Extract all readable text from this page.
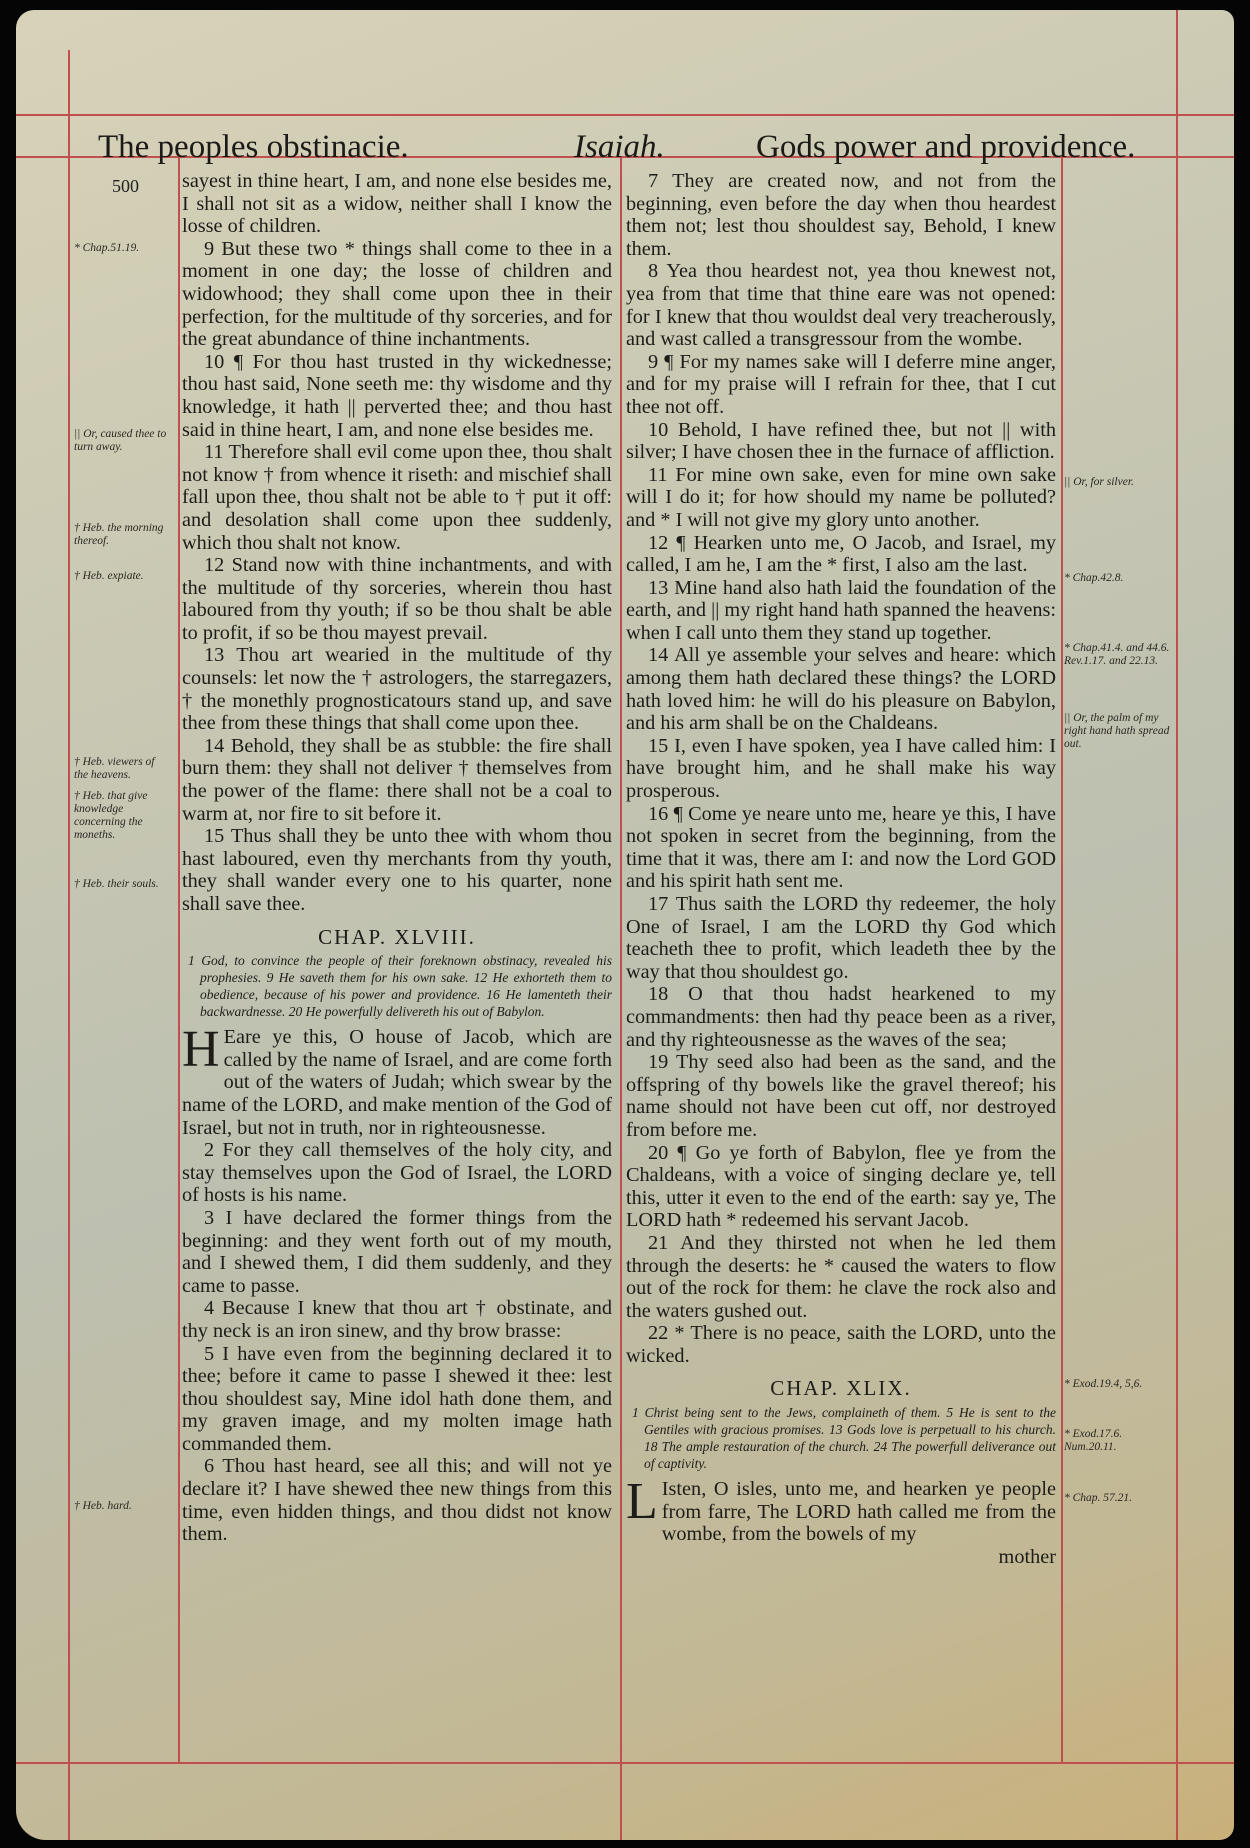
The peoples obstinacie.	Isaiah.	Gods power and providence.
500 sayest in thine heart, I am, and none else besides me, I shall not sit as a widow, neither shall I know the losse of children.

9 But these two * things shall come to thee in a moment in one day; the losse of children and widowhood; they shall come upon thee in their perfection, for the multitude of thy sorceries, and for the great abundance of thine inchantments.

10 ¶ For thou hast trusted in thy wickednesse; thou hast said, None seeth me: thy wisdome and thy knowledge, it hath || perverted thee; and thou hast said in thine heart, I am, and none else besides me.

11 Therefore shall evil come upon thee, thou shalt not know † from whence it riseth: and mischief shall fall upon thee, thou shalt not be able to † put it off: and desolation shall come upon thee suddenly, which thou shalt not know.

12 Stand now with thine inchantments, and with the multitude of thy sorceries, wherein thou hast laboured from thy youth; if so be thou shalt be able to profit, if so be thou mayest prevail.

13 Thou art wearied in the multitude of thy counsels: let now the † astrologers, the starregazers, † the monethly prognosticatours stand up, and save thee from these things that shall come upon thee.

14 Behold, they shall be as stubble: the fire shall burn them: they shall not deliver † themselves from the power of the flame: there shall not be a coal to warm at, nor fire to sit before it.

15 Thus shall they be unto thee with whom thou hast laboured, even thy merchants from thy youth, they shall wander every one to his quarter, none shall save thee.

CHAP. XLVIII.
1 God, to convince the people of their foreknown obstinacy, revealed his prophesies. 9 He saveth them for his own sake. 12 He exhorteth them to obedience, because of his power and providence. 16 He lamenteth their backwardnesse. 20 He powerfully delivereth his out of Babylon.

H Eare ye this, O house of Jacob, which are called by the name of Israel, and are come forth out of the waters of Judah; which swear by the name of the LORD, and make mention of the God of Israel, but not in truth, nor in righteousnesse.

2 For they call themselves of the holy city, and stay themselves upon the God of Israel, the LORD of hosts is his name.

3 I have declared the former things from the beginning: and they went forth out of my mouth, and I shewed them, I did them suddenly, and they came to passe.

4 Because I knew that thou art † obstinate, and thy neck is an iron sinew, and thy brow brasse:

5 I have even from the beginning declared it to thee; before it came to passe I shewed it thee: lest thou shouldest say, Mine idol hath done them, and my graven image, and my molten image hath commanded them.

6 Thou hast heard, see all this; and will not ye declare it? I have shewed thee new things from this time, even hidden things, and thou didst not know them.

7 They are created now, and not from the beginning, even before the day when thou heardest them not; lest thou shouldest say, Behold, I knew them.

8 Yea thou heardest not, yea thou knewest not, yea from that time that thine eare was not opened: for I knew that thou wouldst deal very treacherously, and wast called a transgressour from the wombe.

9 ¶ For my names sake will I deferre mine anger, and for my praise will I refrain for thee, that I cut thee not off.

10 Behold, I have refined thee, but not || with silver; I have chosen thee in the furnace of affliction.

11 For mine own sake, even for mine own sake will I do it; for how should my name be polluted? and * I will not give my glory unto another.

12 ¶ Hearken unto me, O Jacob, and Israel, my called, I am he, I am the * first, I also am the last.

13 Mine hand also hath laid the foundation of the earth, and || my right hand hath spanned the heavens: when I call unto them they stand up together.

14 All ye assemble your selves and heare: which among them hath declared these things? the LORD hath loved him: he will do his pleasure on Babylon, and his arm shall be on the Chaldeans.

15 I, even I have spoken, yea I have called him: I have brought him, and he shall make his way prosperous.

16 ¶ Come ye neare unto me, heare ye this, I have not spoken in secret from the beginning, from the time that it was, there am I: and now the Lord GOD and his spirit hath sent me.

17 Thus saith the LORD thy redeemer, the holy One of Israel, I am the LORD thy God which teacheth thee to profit, which leadeth thee by the way that thou shouldest go.

18 O that thou hadst hearkened to my commandments: then had thy peace been as a river, and thy righteousnesse as the waves of the sea;

19 Thy seed also had been as the sand, and the offspring of thy bowels like the gravel thereof; his name should not have been cut off, nor destroyed from before me.

20 ¶ Go ye forth of Babylon, flee ye from the Chaldeans, with a voice of singing declare ye, tell this, utter it even to the end of the earth: say ye, The LORD hath * redeemed his servant Jacob.

21 And they thirsted not when he led them through the deserts: he * caused the waters to flow out of the rock for them: he clave the rock also and the waters gushed out.

22 * There is no peace, saith the LORD, unto the wicked.

CHAP. XLIX.
1 Christ being sent to the Jews, complaineth of them. 5 He is sent to the Gentiles with gracious promises. 13 Gods love is perpetuall to his church. 18 The ample restauration of the church. 24 The powerfull deliverance out of captivity.

L Isten, O isles, unto me, and hearken ye people from farre, The LORD hath called me from the wombe, from the bowels of my

mother

* Chap.51.19.
|| Or, caused thee to turn away.
† Heb. the morning thereof.
† Heb. expiate.
† Heb. viewers of the heavens.
† Heb. that give knowledge concerning the moneths.
† Heb. their souls.
† Heb. hard.
|| Or, for silver.
* Chap.42.8.
* Chap.41.4. and 44.6. Rev.1.17. and 22.13.
|| Or, the palm of my right hand hath spread out.
* Exod.19.4, 5,6.
* Exod.17.6. Num.20.11.
* Chap. 57.21.
